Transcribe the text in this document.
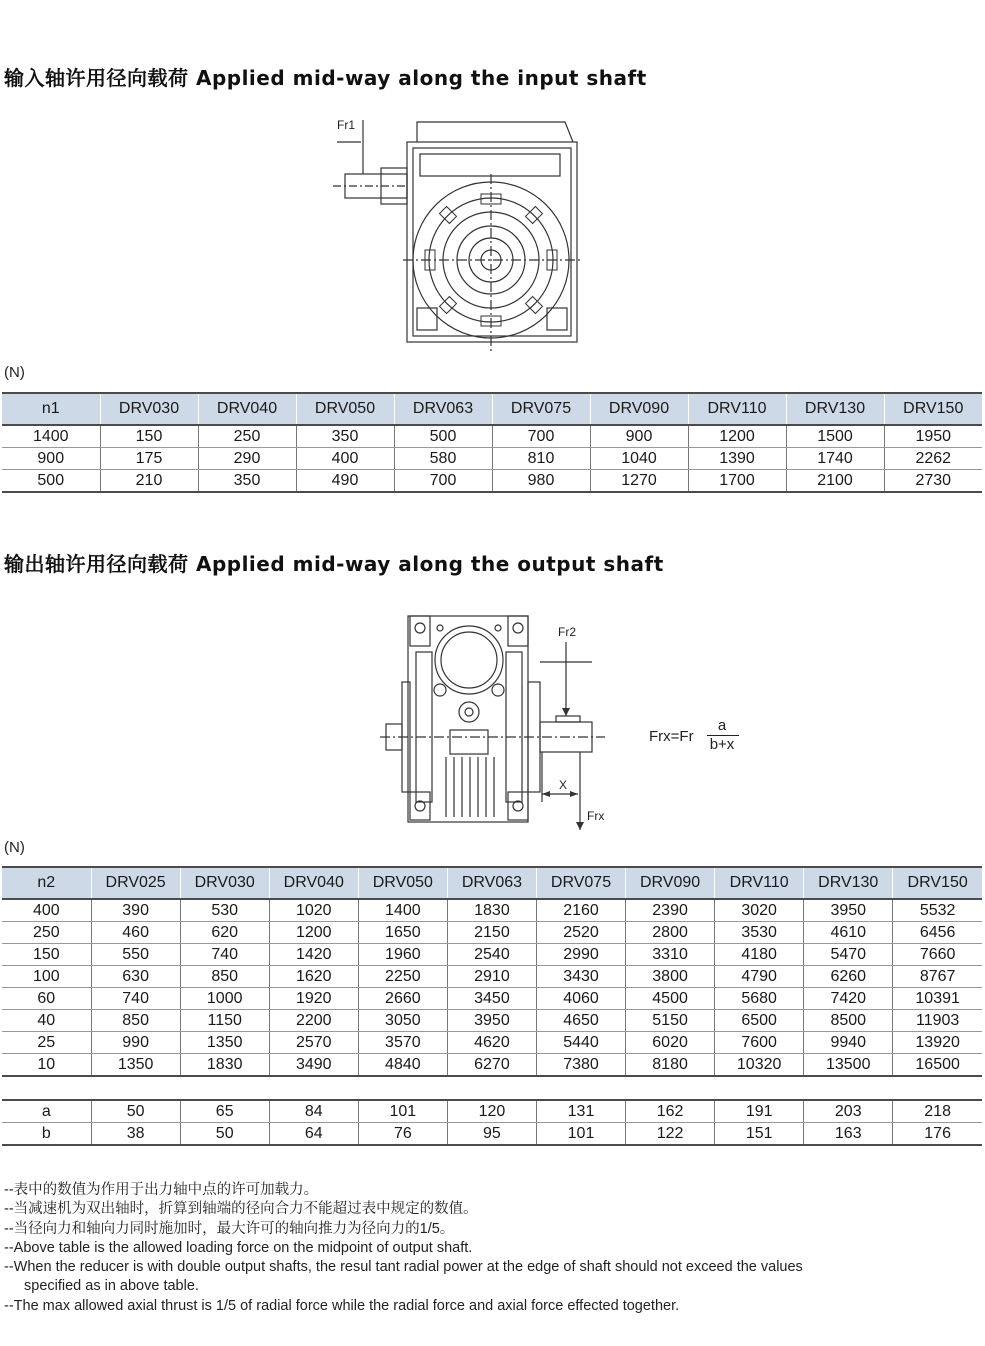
输入轴许用径向载荷 Applied mid-way along the input shaft
Fr1
(N)
n1	DRV030	DRV040	DRV050	DRV063	DRV075	DRV090	DRV110	DRV130	DRV150
1400	150	250	350	500	700	900	1200	1500	1950
900	175	290	400	580	810	1040	1390	1740	2262
500	210	350	490	700	980	1270	1700	2100	2730
输出轴许用径向载荷 Applied mid-way along the output shaft
Fr2
X
Frx
Frx=Fr
a
b+x
(N)
n2	DRV025	DRV030	DRV040	DRV050	DRV063	DRV075	DRV090	DRV110	DRV130	DRV150
400	390	530	1020	1400	1830	2160	2390	3020	3950	5532
250	460	620	1200	1650	2150	2520	2800	3530	4610	6456
150	550	740	1420	1960	2540	2990	3310	4180	5470	7660
100	630	850	1620	2250	2910	3430	3800	4790	6260	8767
60	740	1000	1920	2660	3450	4060	4500	5680	7420	10391
40	850	1150	2200	3050	3950	4650	5150	6500	8500	11903
25	990	1350	2570	3570	4620	5440	6020	7600	9940	13920
10	1350	1830	3490	4840	6270	7380	8180	10320	13500	16500

a	50	65	84	101	120	131	162	191	203	218
b	38	50	64	76	95	101	122	151	163	176
--表中的数值为作用于出力轴中点的许可加载力。
--当减速机为双出轴时，折算到轴端的径向合力不能超过表中规定的数值。
--当径向力和轴向力同时施加时，最大许可的轴向推力为径向力的1/5。
--Above table is the allowed loading force on the midpoint of output shaft.
--When the reducer is with double output shafts, the resul tant radial power at the edge of shaft should not exceed the values
specified as in above table.
--The max allowed axial thrust is 1/5 of radial force while the radial force and axial force effected together.
